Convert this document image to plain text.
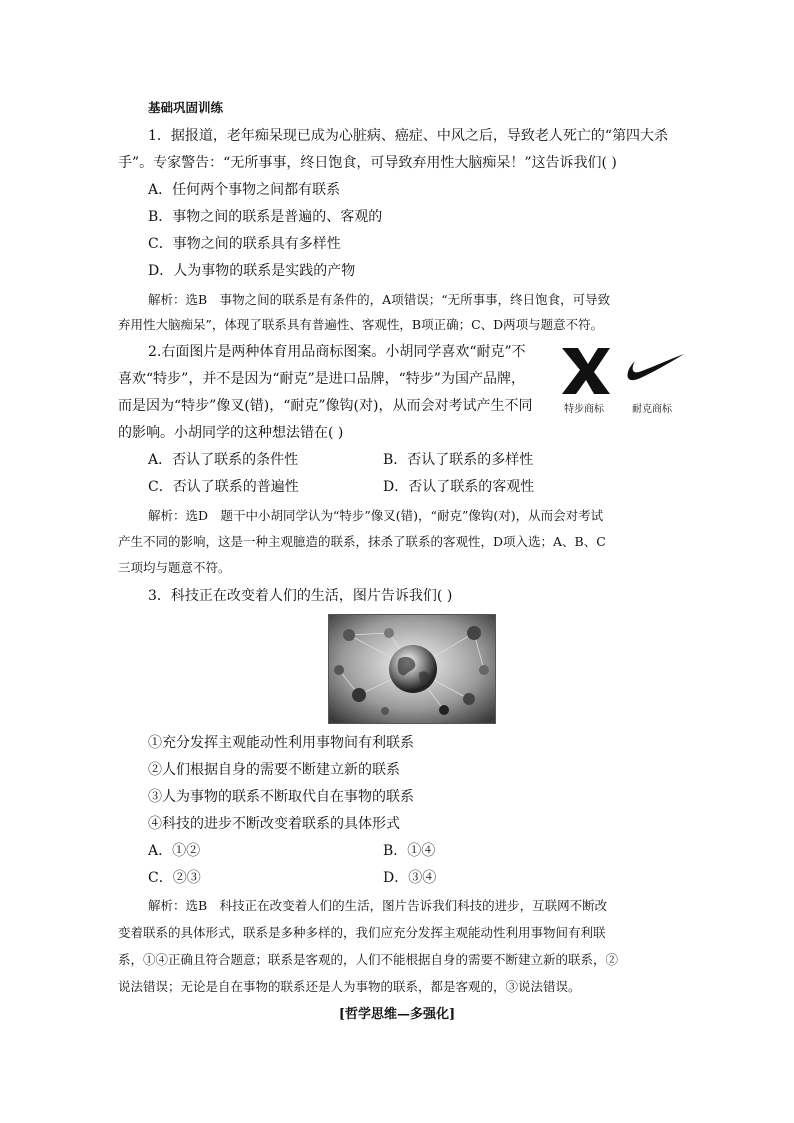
基础巩固训练
1．据报道，老年痴呆现已成为心脏病、癌症、中风之后，导致老人死亡的“第四大杀
手”。专家警告：“无所事事，终日饱食，可导致弃用性大脑痴呆！”这告诉我们( )
A．任何两个事物之间都有联系
B．事物之间的联系是普遍的、客观的
C．事物之间的联系具有多样性
D．人为事物的联系是实践的产物
解析：选B　事物之间的联系是有条件的，A项错误；“无所事事，终日饱食，可导致
弃用性大脑痴呆”，体现了联系具有普遍性、客观性，B项正确；C、D两项与题意不符。
2.右面图片是两种体育用品商标图案。小胡同学喜欢“耐克”不
喜欢“特步”，并不是因为“耐克”是进口品牌，“特步”为国产品牌，
而是因为“特步”像叉(错)，“耐克”像钩(对)，从而会对考试产生不同
的影响。小胡同学的这种想法错在( )
特步商标	耐克商标
A．否认了联系的条件性	B．否认了联系的多样性
C．否认了联系的普遍性	D．否认了联系的客观性
解析：选D　题干中小胡同学认为“特步”像叉(错)，“耐克”像钩(对)，从而会对考试
产生不同的影响，这是一种主观臆造的联系，抹杀了联系的客观性，D项入选；A、B、C
三项均与题意不符。
3．科技正在改变着人们的生活，图片告诉我们( )
①充分发挥主观能动性利用事物间有利联系
②人们根据自身的需要不断建立新的联系
③人为事物的联系不断取代自在事物的联系
④科技的进步不断改变着联系的具体形式
A．①②	B．①④
C．②③	D．③④
解析：选B　科技正在改变着人们的生活，图片告诉我们科技的进步，互联网不断改
变着联系的具体形式，联系是多种多样的，我们应充分发挥主观能动性利用事物间有利联
系，①④正确且符合题意；联系是客观的，人们不能根据自身的需要不断建立新的联系，②
说法错误；无论是自在事物的联系还是人为事物的联系，都是客观的，③说法错误。
[哲学思维—多强化]
